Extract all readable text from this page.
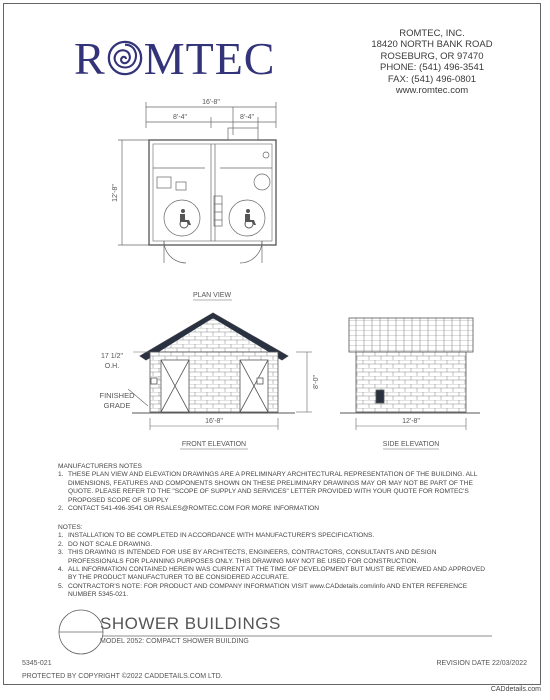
R MTEC	ROMTEC, INC.
18420 NORTH BANK ROAD
ROSEBURG, OR 97470
PHONE: (541) 496-3541
FAX: (541) 496-0801
www.romtec.com
16'-8"
8'-4"	8'-4"
12'-8"
PLAN VIEW
17 1/2"
O.H.
8'-0"
FINISHED
GRADE
16'-8"
FRONT ELEVATION
12'-8"
SIDE ELEVATION
MANUFACTURERS NOTES
1. THESE PLAN VIEW AND ELEVATION DRAWINGS ARE A PRELIMINARY ARCHITECTURAL REPRESENTATION OF THE BUILDING. ALL DIMENSIONS, FEATURES AND COMPONENTS SHOWN ON THESE PRELIMINARY DRAWINGS MAY OR MAY NOT BE PART OF THE QUOTE. PLEASE REFER TO THE "SCOPE OF SUPPLY AND SERVICES" LETTER PROVIDED WITH YOUR QUOTE FOR ROMTEC'S PROPOSED SCOPE OF SUPPLY
2. CONTACT 541-496-3541 OR RSALES@ROMTEC.COM FOR MORE INFORMATION
NOTES:
1. INSTALLATION TO BE COMPLETED IN ACCORDANCE WITH MANUFACTURER'S SPECIFICATIONS.
2. DO NOT SCALE DRAWING.
3. THIS DRAWING IS INTENDED FOR USE BY ARCHITECTS, ENGINEERS, CONTRACTORS, CONSULTANTS AND DESIGN PROFESSIONALS FOR PLANNING PURPOSES ONLY. THIS DRAWING MAY NOT BE USED FOR CONSTRUCTION.
4. ALL INFORMATION CONTAINED HEREIN WAS CURRENT AT THE TIME OF DEVELOPMENT BUT MUST BE REVIEWED AND APPROVED BY THE PRODUCT MANUFACTURER TO BE CONSIDERED ACCURATE.
5. CONTRACTOR'S NOTE: FOR PRODUCT AND COMPANY INFORMATION VISIT www.CADdetails.com/info AND ENTER REFERENCE NUMBER 5345-021.
SHOWER BUILDINGS
MODEL 2052: COMPACT SHOWER BUILDING
5345-021	REVISION DATE 22/03/2022
PROTECTED BY COPYRIGHT ©2022 CADDETAILS.COM LTD.
CADdetails.com
